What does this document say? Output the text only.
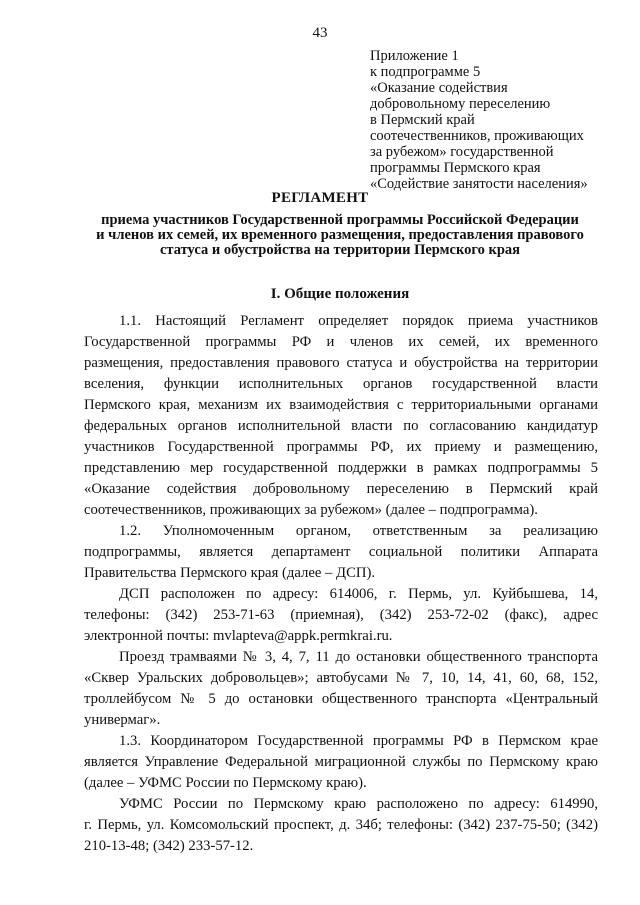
43
Приложение 1
к подпрограмме 5
«Оказание содействия
добровольному переселению
в Пермский край
соотечественников, проживающих
за рубежом» государственной
программы Пермского края
«Содействие занятости населения»
РЕГЛАМЕНТ
приема участников Государственной программы Российской Федерации
и членов их семей, их временного размещения, предоставления правового
статуса и обустройства на территории Пермского края
I. Общие положения
1.1. Настоящий Регламент определяет порядок приема участников
Государственной программы РФ и членов их семей, их временного
размещения, предоставления правового статуса и обустройства на территории
вселения, функции исполнительных органов государственной власти
Пермского края, механизм их взаимодействия с территориальными органами
федеральных органов исполнительной власти по согласованию кандидатур
участников Государственной программы РФ, их приему и размещению,
представлению мер государственной поддержки в рамках подпрограммы 5
«Оказание содействия добровольному переселению в Пермский край
соотечественников, проживающих за рубежом» (далее – подпрограмма).
1.2. Уполномоченным органом, ответственным за реализацию
подпрограммы, является департамент социальной политики Аппарата
Правительства Пермского края (далее – ДСП).
ДСП расположен по адресу: 614006, г. Пермь, ул. Куйбышева, 14,
телефоны: (342) 253-71-63 (приемная), (342) 253-72-02 (факс), адрес
электронной почты: mvlapteva@appk.permkrai.ru.
Проезд трамваями № 3, 4, 7, 11 до остановки общественного транспорта
«Сквер Уральских добровольцев»; автобусами № 7, 10, 14, 41, 60, 68, 152,
троллейбусом № 5 до остановки общественного транспорта «Центральный
универмаг».
1.3. Координатором Государственной программы РФ в Пермском крае
является Управление Федеральной миграционной службы по Пермскому краю
(далее – УФМС России по Пермскому краю).
УФМС России по Пермскому краю расположено по адресу: 614990,
г. Пермь, ул. Комсомольский проспект, д. 34б; телефоны: (342) 237-75-50; (342)
210-13-48; (342) 233-57-12.
